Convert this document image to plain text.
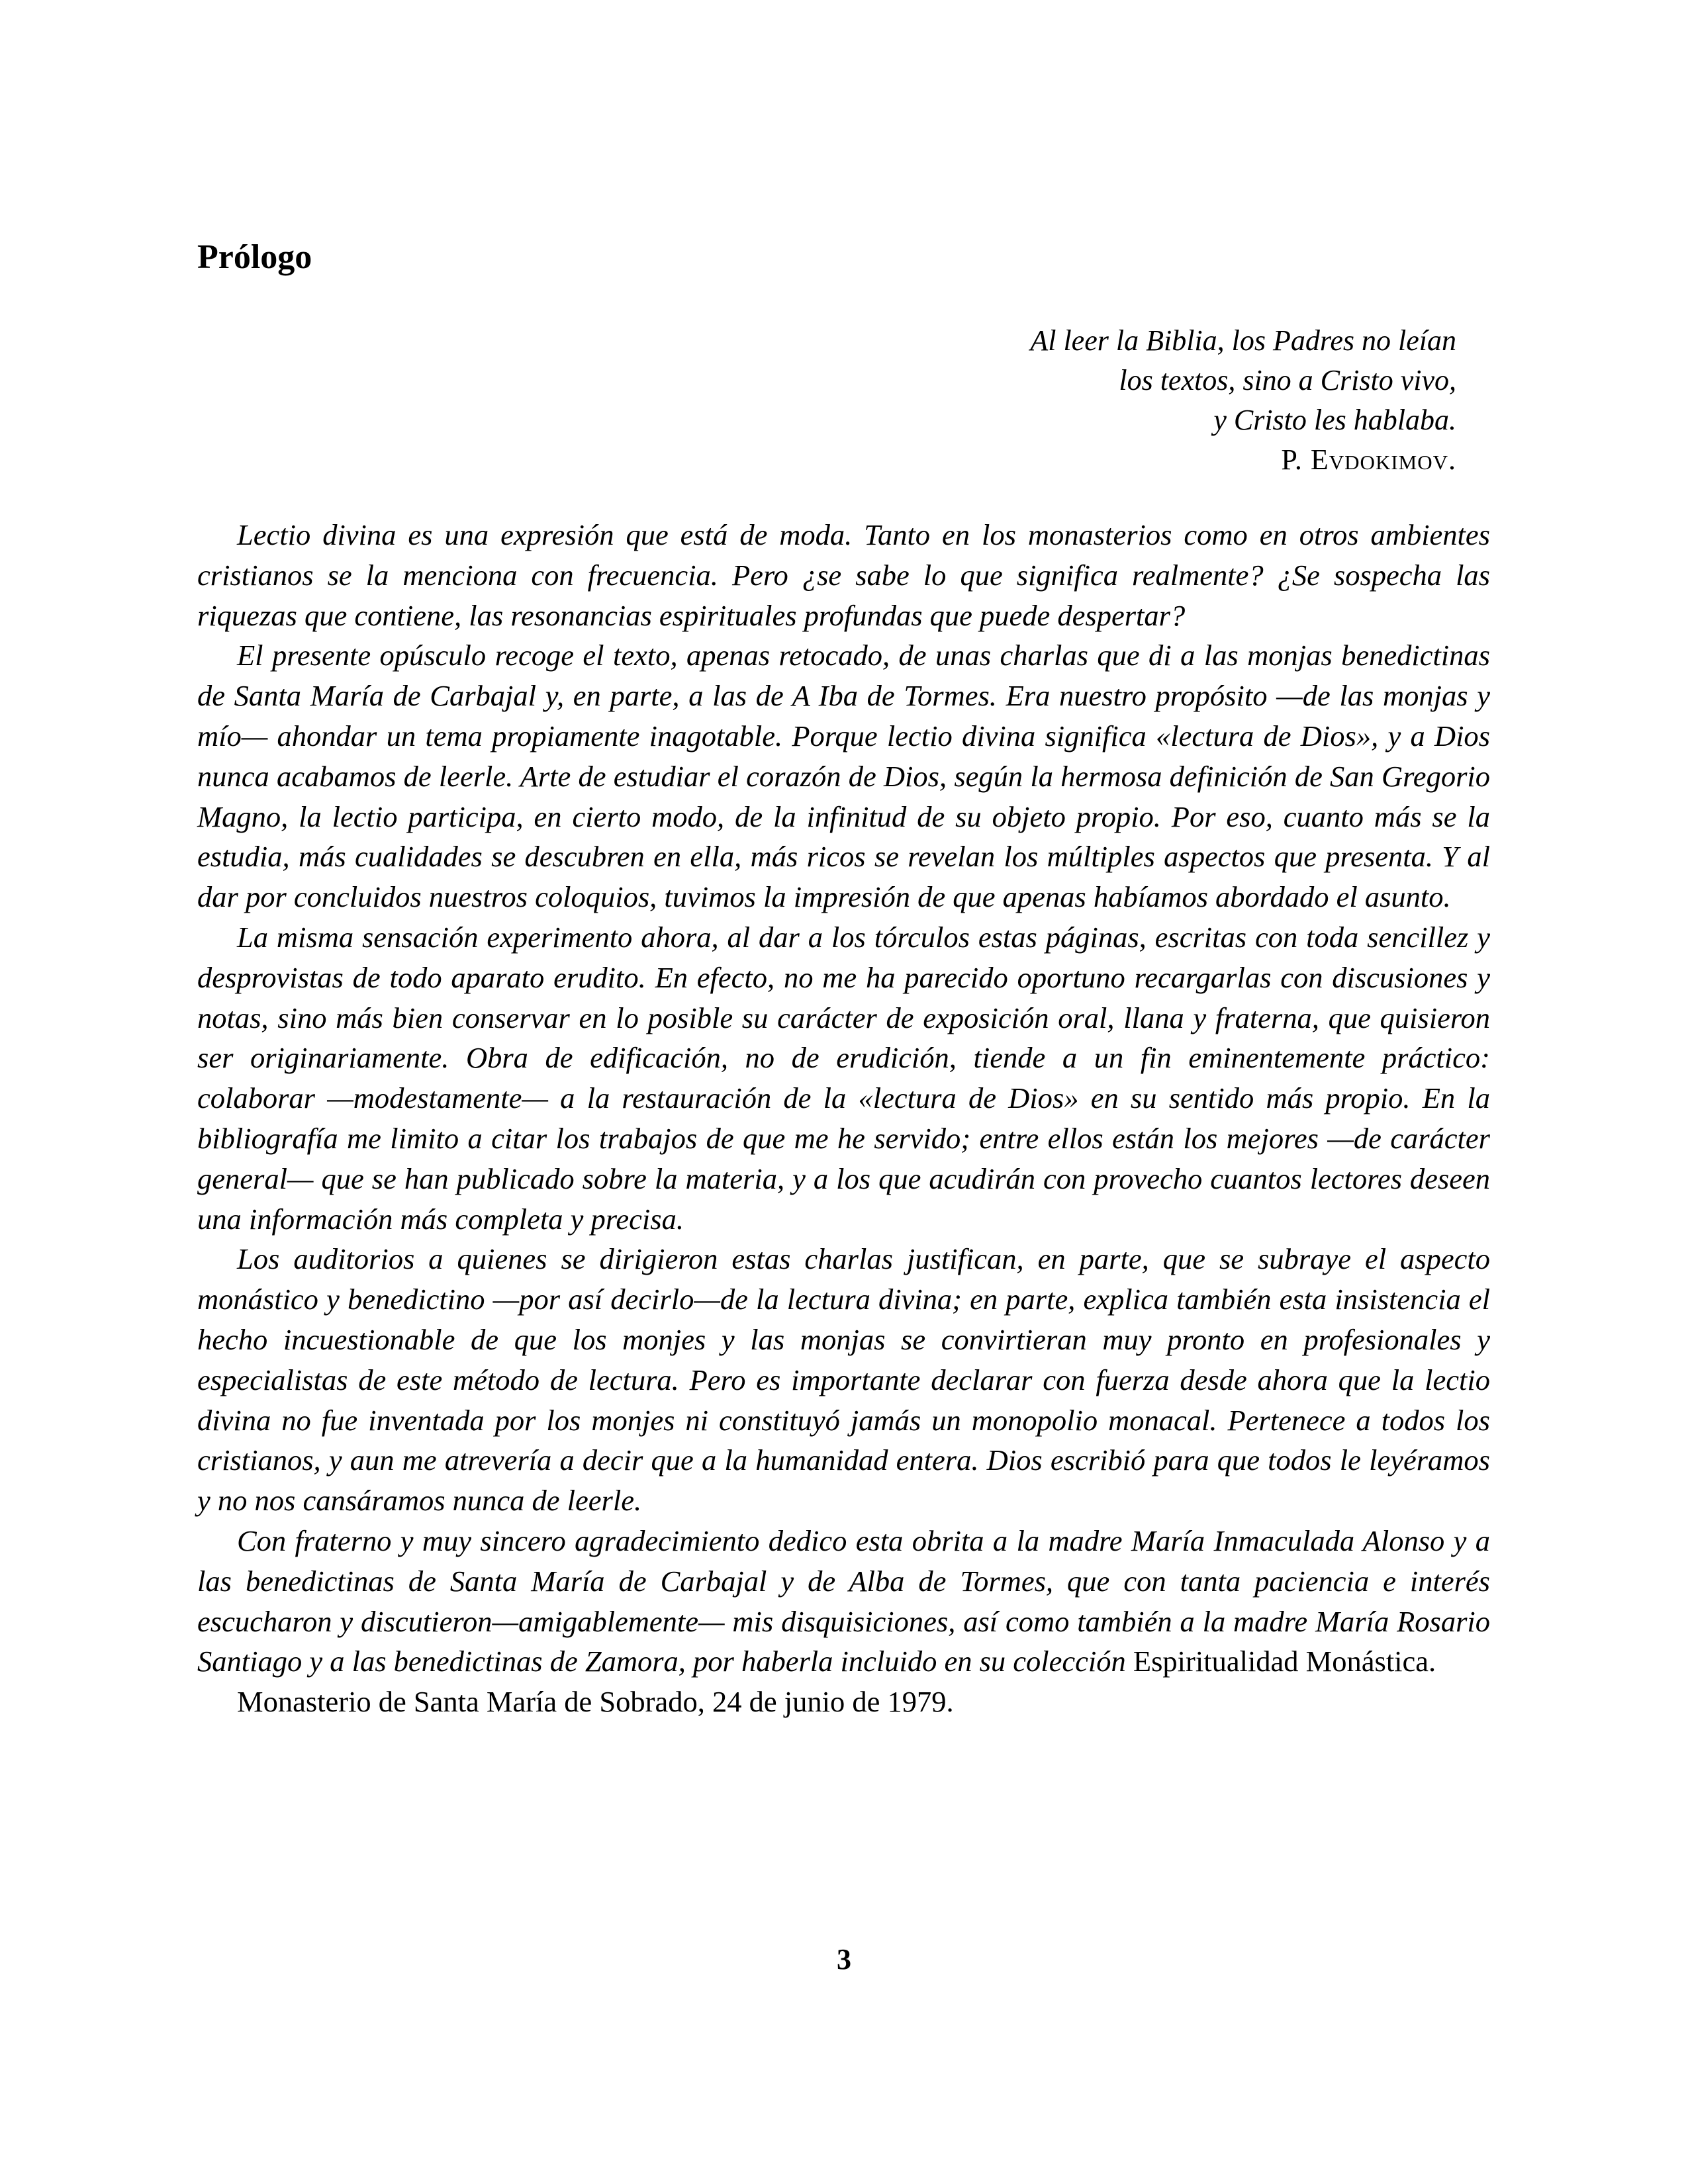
Prólogo
Al leer la Biblia, los Padres no leían
los textos, sino a Cristo vivo,
y Cristo les hablaba.
P. Evdokimov.

Lectio divina es una expresión que está de moda. Tanto en los monasterios como en otros ambientes cristianos se la menciona con frecuencia. Pero ¿se sabe lo que significa realmente? ¿Se sospecha las riquezas que contiene, las resonancias espirituales profundas que puede despertar?

El presente opúsculo recoge el texto, apenas retocado, de unas charlas que di a las monjas benedictinas de Santa María de Carbajal y, en parte, a las de A Iba de Tormes. Era nuestro propósito —de las monjas y mío— ahondar un tema propiamente inagotable. Porque lectio divina significa «lectura de Dios», y a Dios nunca acabamos de leerle. Arte de estudiar el corazón de Dios, según la hermosa definición de San Gregorio Magno, la lectio participa, en cierto modo, de la infinitud de su objeto propio. Por eso, cuanto más se la estudia, más cualidades se descubren en ella, más ricos se revelan los múltiples aspectos que presenta. Y al dar por concluidos nuestros coloquios, tuvimos la impresión de que apenas habíamos abordado el asunto.

La misma sensación experimento ahora, al dar a los tórculos estas páginas, escritas con toda sencillez y desprovistas de todo aparato erudito. En efecto, no me ha parecido oportuno recargarlas con discusiones y notas, sino más bien conservar en lo posible su carácter de exposición oral, llana y fraterna, que quisieron ser originariamente. Obra de edificación, no de erudición, tiende a un fin eminentemente práctico: colaborar —modestamente— a la restauración de la «lectura de Dios» en su sentido más propio. En la bibliografía me limito a citar los trabajos de que me he servido; entre ellos están los mejores —de carácter general— que se han publicado sobre la materia, y a los que acudirán con provecho cuantos lectores deseen una información más completa y precisa.

Los auditorios a quienes se dirigieron estas charlas justifican, en parte, que se subraye el aspecto monástico y benedictino —por así decirlo—de la lectura divina; en parte, explica también esta insistencia el hecho incuestionable de que los monjes y las monjas se convirtieran muy pronto en profesionales y especialistas de este método de lectura. Pero es importante declarar con fuerza desde ahora que la lectio divina no fue inventada por los monjes ni constituyó jamás un monopolio monacal. Pertenece a todos los cristianos, y aun me atrevería a decir que a la humanidad entera. Dios escribió para que todos le leyéramos y no nos cansáramos nunca de leerle.

Con fraterno y muy sincero agradecimiento dedico esta obrita a la madre María Inmaculada Alonso y a las benedictinas de Santa María de Carbajal y de Alba de Tormes, que con tanta paciencia e interés escucharon y discutieron—amigablemente— mis disquisiciones, así como también a la madre María Rosario Santiago y a las benedictinas de Zamora, por haberla incluido en su colección Espiritualidad Monástica.

Monasterio de Santa María de Sobrado, 24 de junio de 1979.

3
